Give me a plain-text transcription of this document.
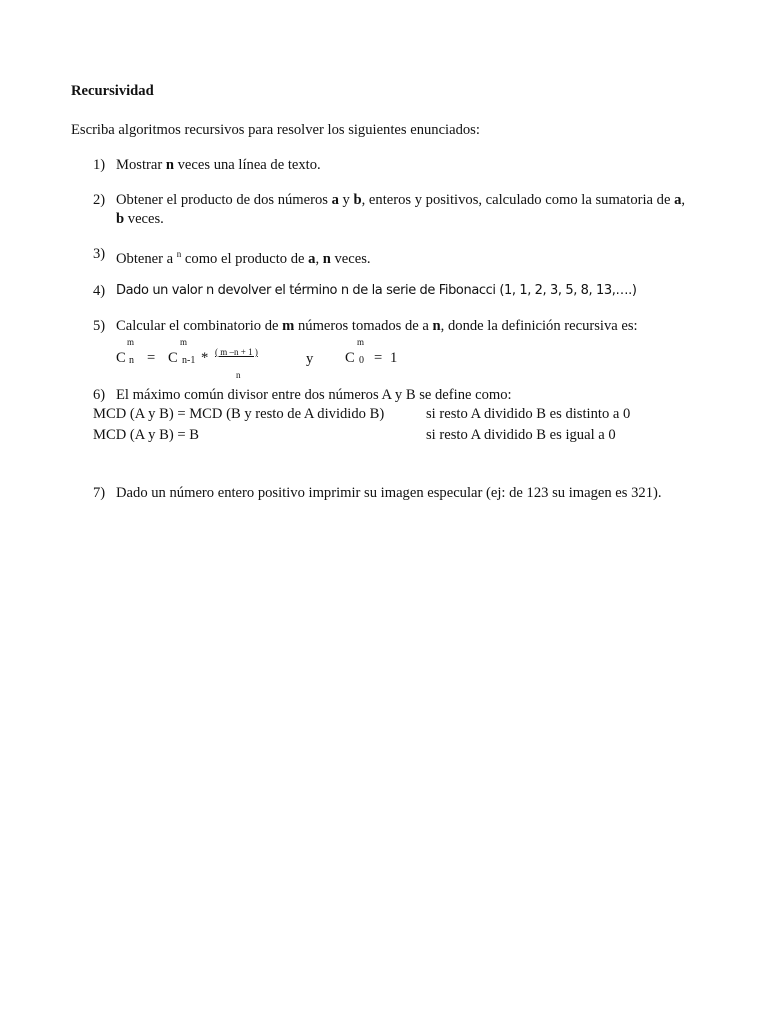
Recursividad
Escriba algoritmos recursivos para resolver los siguientes enunciados:
1) Mostrar n veces una línea de texto.
2) Obtener el producto de dos números a y b, enteros y positivos, calculado como la sumatoria de a,
b veces.
3) Obtener a $^n$ como el producto de a, n veces.
4) Dado un valor n devolver el término n de la serie de Fibonacci (1, 1, 2, 3, 5, 8, 13,….)
5) Calcular el combinatorio de m números tomados de a n, donde la definición recursiva es:
m
C n =
m
C n-1 * ( m –n + 1 )
n
y
m
C 0 = 1
6) El máximo común divisor entre dos números A y B se define como:
MCD (A y B) = MCD (B y resto de A dividido B)	si resto A dividido B es distinto a 0
MCD (A y B) = B	si resto A dividido B es igual a 0
7) Dado un número entero positivo imprimir su imagen especular (ej: de 123 su imagen es 321).
